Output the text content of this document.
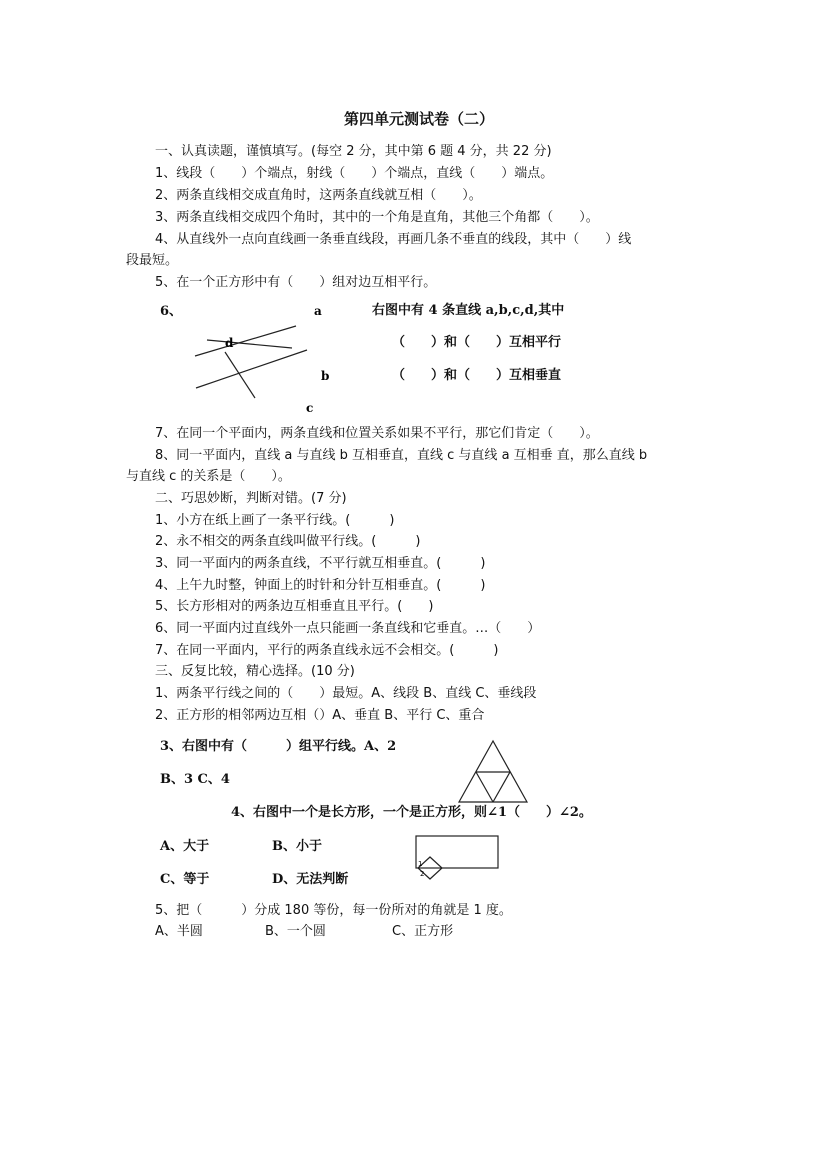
第四单元测试卷（二）
一、认真读题，谨慎填写。(每空 2 分，其中第 6 题 4 分，共 22 分)
1、线段（　　）个端点，射线（　　）个端点，直线（　　）端点。
2、两条直线相交成直角时，这两条直线就互相（　　）。
3、两条直线相交成四个角时，其中的一个角是直角，其他三个角都（　　）。
4、从直线外一点向直线画一条垂直线段，再画几条不垂直的线段，其中（　　）线
段最短。
5、在一个正方形中有（　　）组对边互相平行。
6、	右图中有 4 条直线 a,b,c,d,其中
（　　）和（　　）互相平行
（　　）和（　　）互相垂直
a
d
b
c
7、在同一个平面内，两条直线和位置关系如果不平行，那它们肯定（　　）。
8、同一平面内，直线 a 与直线 b 互相垂直，直线 c 与直线 a 互相垂 直，那么直线 b
与直线 c 的关系是（　　）。
二、巧思妙断，判断对错。(7 分)
1、小方在纸上画了一条平行线。(　　　)
2、永不相交的两条直线叫做平行线。(　　　)
3、同一平面内的两条直线，不平行就互相垂直。(　　　)
4、上午九时整，钟面上的时针和分针互相垂直。(　　　)
5、长方形相对的两条边互相垂直且平行。(　　)
6、同一平面内过直线外一点只能画一条直线和它垂直。…（　　）
7、在同一平面内，平行的两条直线永远不会相交。(　　　)
三、反复比较，精心选择。(10 分)
1、两条平行线之间的（　　）最短。A、线段 B、直线 C、垂线段
2、正方形的相邻两边互相（）A、垂直 B、平行 C、重合
3、右图中有（　　　）组平行线。A、2
B、3 C、4
4、右图中一个是长方形，一个是正方形，则∠1（　　）∠2。
A、大于	B、小于
C、等于	D、无法判断
1
2
5、把（　　　）分成 180 等份，每一份所对的角就是 1 度。
A、半圆	B、一个圆	C、正方形
